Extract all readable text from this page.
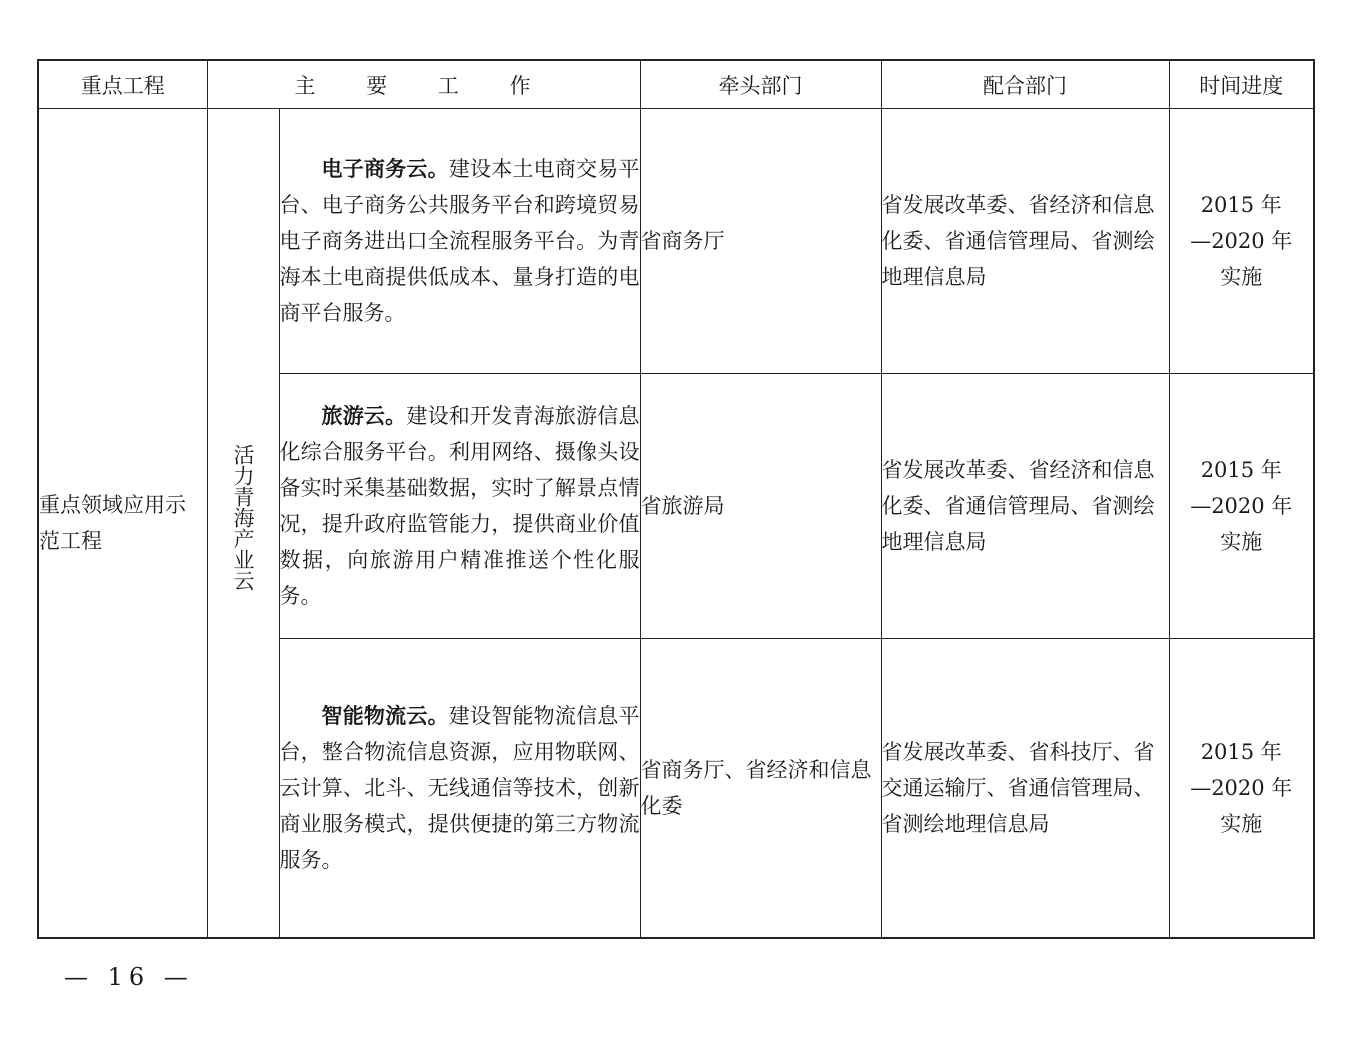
重点工程	主 要 工 作		牵头部门	配合部门	时间进度
重点领域应用示范工程	活力青海产业云	电子商务云。建设本土电商交易平台、电子商务公共服务平台和跨境贸易电子商务进出口全流程服务平台。为青海本土电商提供低成本、量身打造的电商平台服务。	省商务厅	省发展改革委、省经济和信息化委、省通信管理局、省测绘地理信息局	2015 年
—2020 年
实施

		旅游云。建设和开发青海旅游信息化综合服务平台。利用网络、摄像头设备实时采集基础数据，实时了解景点情况，提升政府监管能力，提供商业价值数据，向旅游用户精准推送个性化服务。	省旅游局	省发展改革委、省经济和信息化委、省通信管理局、省测绘地理信息局	2015 年
—2020 年
实施

		智能物流云。建设智能物流信息平台，整合物流信息资源，应用物联网、云计算、北斗、无线通信等技术，创新商业服务模式，提供便捷的第三方物流服务。	省商务厅、省经济和信息化委	省发展改革委、省科技厅、省交通运输厅、省通信管理局、省测绘地理信息局	2015 年
—2020 年
实施
— 16 —
